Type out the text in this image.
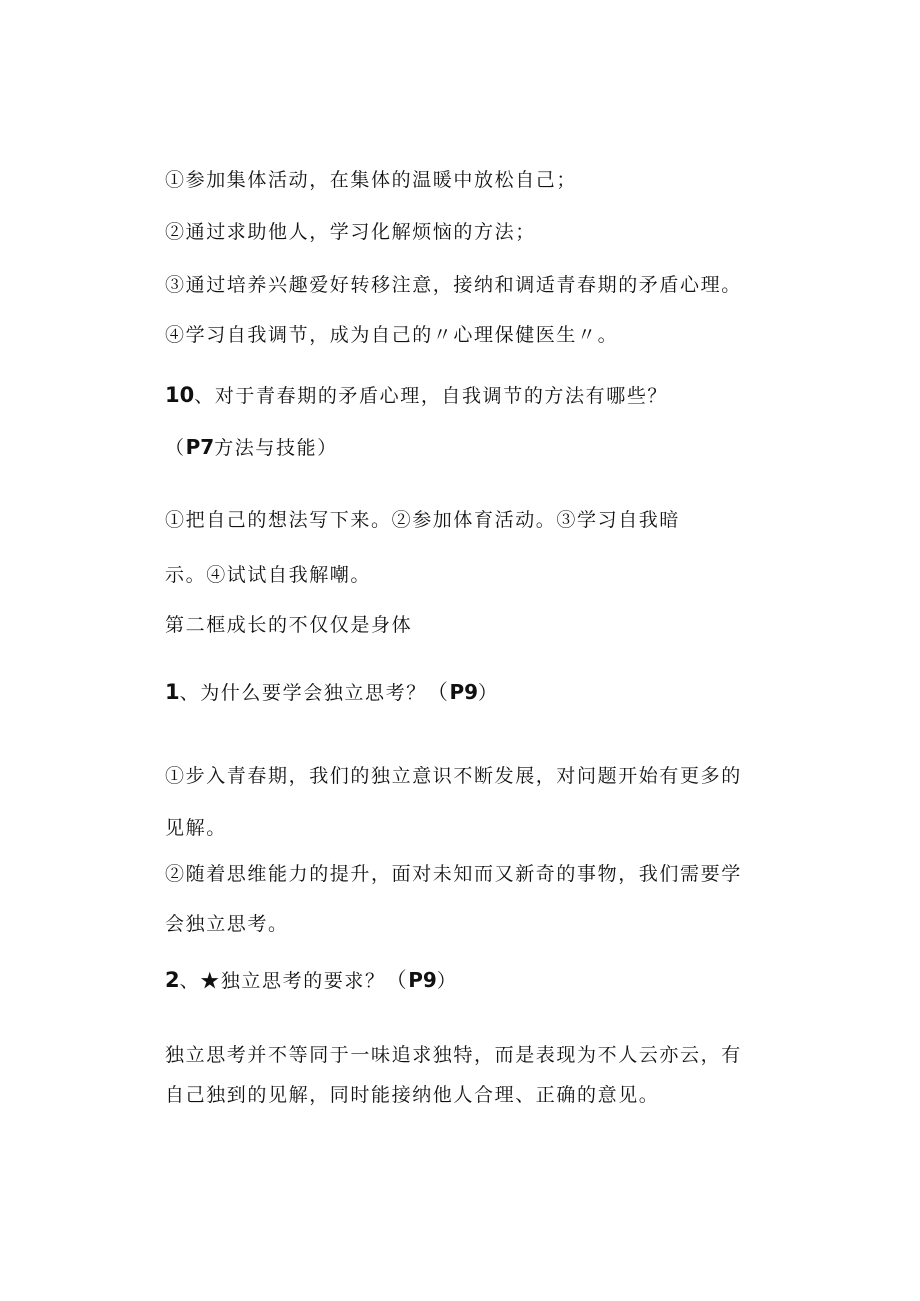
①参加集体活动，在集体的温暖中放松自己；
②通过求助他人，学习化解烦恼的方法；
③通过培养兴趣爱好转移注意，接纳和调适青春期的矛盾心理。
④学习自我调节，成为自己的〃心理保健医生〃。
10、对于青春期的矛盾心理，自我调节的方法有哪些？
（P7方法与技能）
①把自己的想法写下来。②参加体育活动。③学习自我暗
示。④试试自我解嘲。
第二框成长的不仅仅是身体
1、为什么要学会独立思考？（P9）
①步入青春期，我们的独立意识不断发展，对问题开始有更多的
见解。
②随着思维能力的提升，面对未知而又新奇的事物，我们需要学
会独立思考。
2、★独立思考的要求？（P9）
独立思考并不等同于一味追求独特，而是表现为不人云亦云，有
自己独到的见解，同时能接纳他人合理、正确的意见。
